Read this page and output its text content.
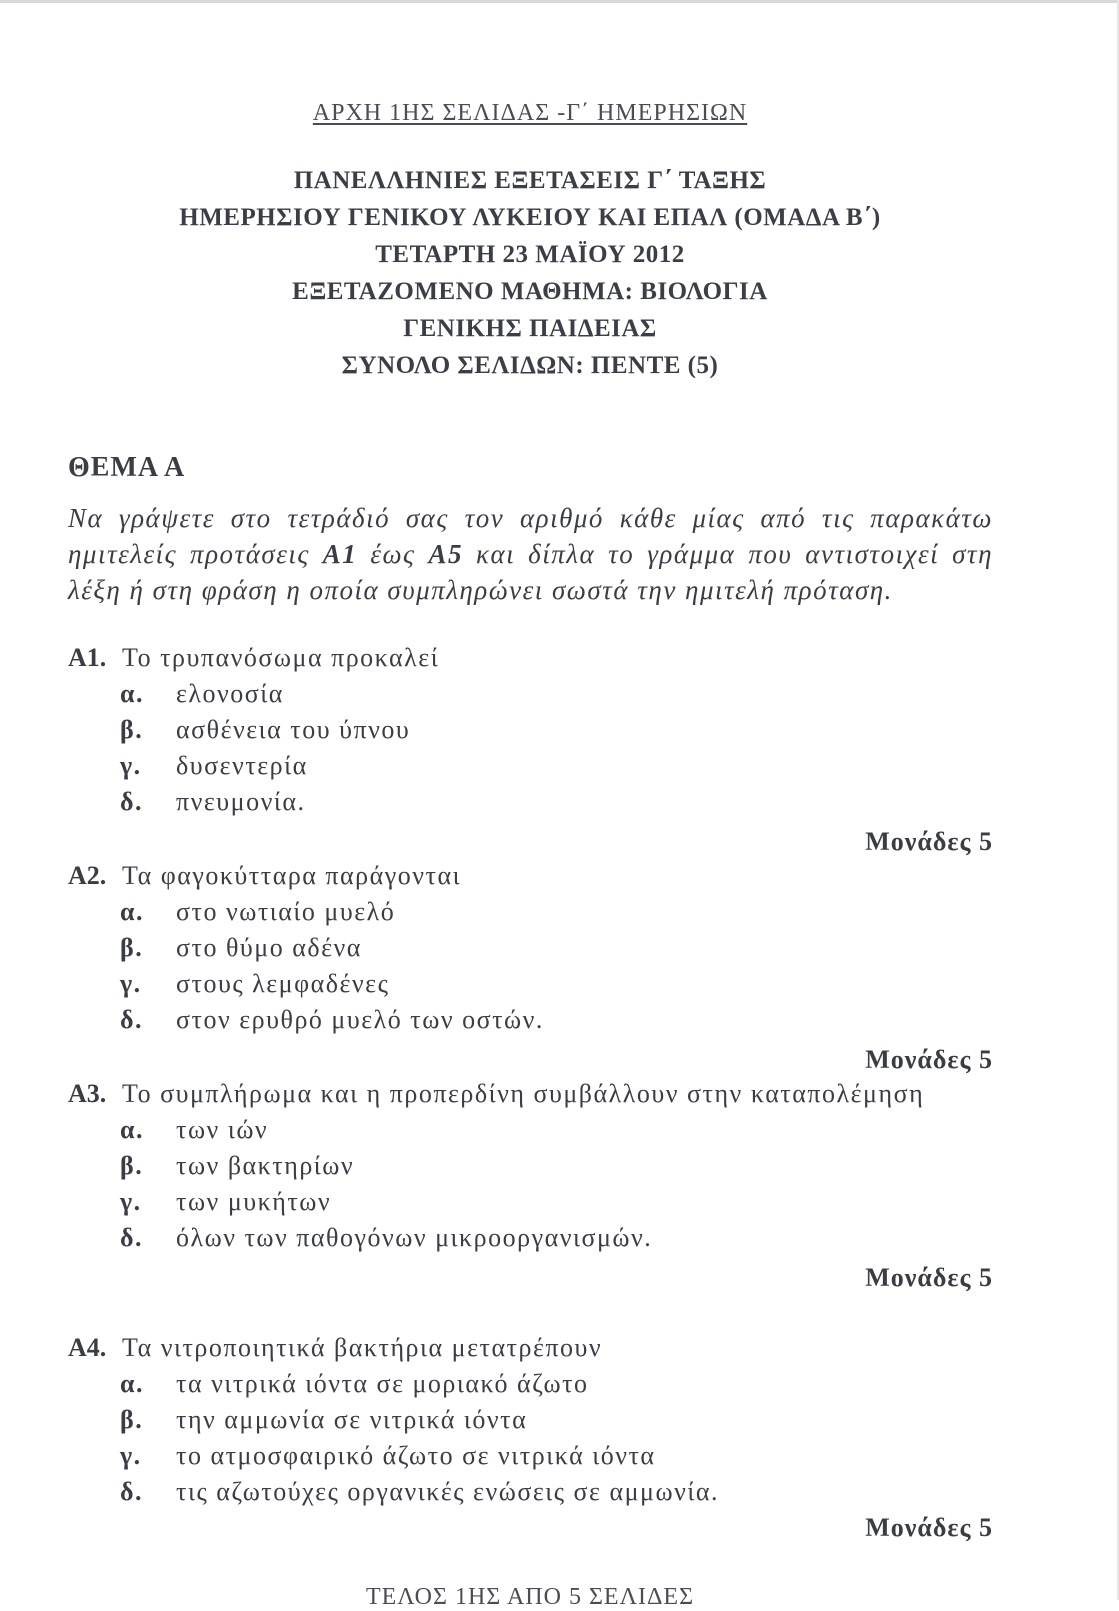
ΑΡΧΗ 1ΗΣ ΣΕΛΙΔΑΣ -Γ΄ ΗΜΕΡΗΣΙΩΝ
ΠΑΝΕΛΛΗΝΙΕΣ ΕΞΕΤΑΣΕΙΣ Γ΄ ΤΑΞΗΣ
ΗΜΕΡΗΣΙΟΥ ΓΕΝΙΚΟΥ ΛΥΚΕΙΟΥ ΚΑΙ ΕΠΑΛ (ΟΜΑΔΑ Β΄)
ΤΕΤΑΡΤΗ 23 ΜΑΪΟΥ 2012
ΕΞΕΤΑΖΟΜΕΝΟ ΜΑΘΗΜΑ: ΒΙΟΛΟΓΙΑ
ΓΕΝΙΚΗΣ ΠΑΙΔΕΙΑΣ
ΣΥΝΟΛΟ ΣΕΛΙΔΩΝ: ΠΕΝΤΕ (5)
ΘΕΜΑ Α
Να γράψετε στο τετράδιό σας τον αριθμό κάθε μίας από τις παρακάτω ημιτελείς προτάσεις Α1 έως Α5 και δίπλα το γράμμα που αντιστοιχεί στη λέξη ή στη φράση η οποία συμπληρώνει σωστά την ημιτελή πρόταση.
Α1. Το τρυπανόσωμα προκαλεί
α.	ελονοσία
β.	ασθένεια του ύπνου
γ.	δυσεντερία
δ.	πνευμονία.
Μονάδες 5
Α2. Τα φαγοκύτταρα παράγονται
α.	στο νωτιαίο μυελό
β.	στο θύμο αδένα
γ.	στους λεμφαδένες
δ.	στον ερυθρό μυελό των οστών.
Μονάδες 5
Α3. Το συμπλήρωμα και η προπερδίνη συμβάλλουν στην καταπολέμηση
α.	των ιών
β.	των βακτηρίων
γ.	των μυκήτων
δ.	όλων των παθογόνων μικροοργανισμών.
Μονάδες 5
Α4. Τα νιτροποιητικά βακτήρια μετατρέπουν
α.	τα νιτρικά ιόντα σε μοριακό άζωτο
β.	την αμμωνία σε νιτρικά ιόντα
γ.	το ατμοσφαιρικό άζωτο σε νιτρικά ιόντα
δ.	τις αζωτούχες οργανικές ενώσεις σε αμμωνία.
Μονάδες 5
ΤΕΛΟΣ 1ΗΣ ΑΠΟ 5 ΣΕΛΙΔΕΣ
